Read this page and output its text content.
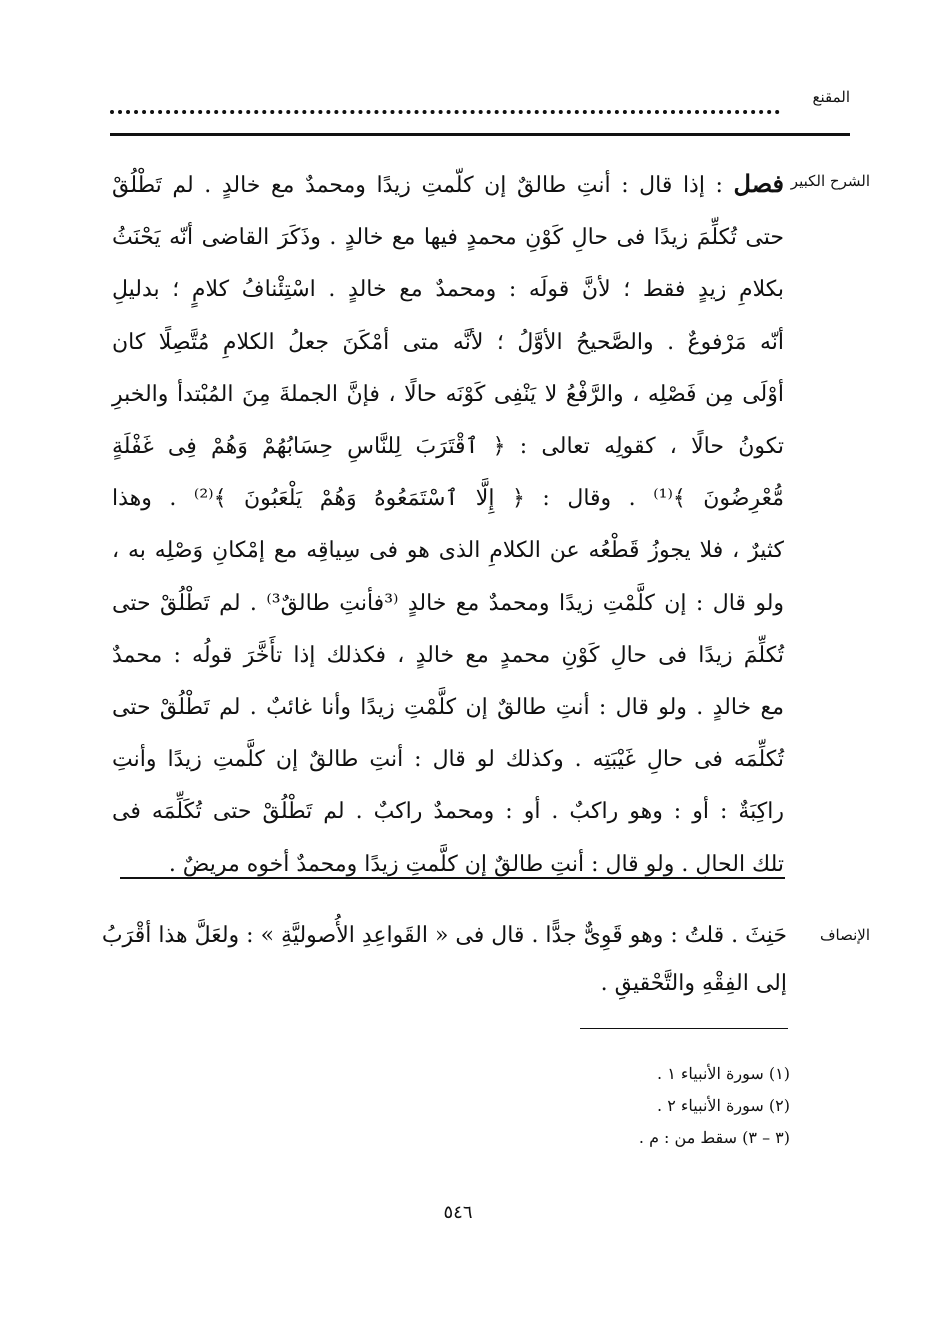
المقنع
الشرح الكبير
فصل : إذا قال : أنتِ طالقٌ إن كلّمتِ زيدًا ومحمدٌ مع خالدٍ . لم تَطْلُقْ
حتى تُكلِّمَ زيدًا فى حالِ كَوْنِ محمدٍ فيها مع خالدٍ . وذَكَرَ القاضى أنّه يَحْنَثُ
بكلامِ زيدٍ فقط ؛ لأنَّ قولَه : ومحمدٌ مع خالدٍ . اسْتِئْنافُ كلامٍ ؛ بدليلِ
أنّه مَرْفوعٌ . والصَّحيحُ الأوَّلُ ؛ لأنَّه متى أمْكَنَ جعلُ الكلامِ مُتَّصِلًا كان
أوْلَى مِن فَصْلِه ، والرَّفْعُ لا يَنْفِى كَوْنَه حالًا ، فإنَّ الجملةَ مِنَ المُبْتدأ والخبرِ
تكونُ حالًا ، كقولِه تعالى : ﴿ ٱقْتَرَبَ لِلنَّاسِ حِسَابُهُمْ وَهُمْ فِى غَفْلَةٍ
مُّعْرِضُونَ ﴾⁽¹⁾ . وقال : ﴿ إِلَّا ٱسْتَمَعُوهُ وَهُمْ يَلْعَبُونَ ﴾⁽²⁾ . وهذا
كثيرٌ ، فلا يجوزُ قَطْعُه عن الكلامِ الذى هو فى سِياقِه مع إمْكانِ وَصْلِه به ،
ولو قال : إن كلَّمْتِ زيدًا ومحمدٌ مع خالدٍ ⁽³فأنتِ طالقٌ³⁾ . لم تَطْلُقْ حتى
تُكلِّمَ زيدًا فى حالِ كَوْنِ محمدٍ مع خالدٍ ، فكذلك إذا تأَخَّرَ قولُه : محمدٌ
مع خالدٍ . ولو قال : أنتِ طالقٌ إن كلَّمْتِ زيدًا وأنا غائبٌ . لم تَطْلُقْ حتى
تُكلِّمَه فى حالِ غَيْبَتِه . وكذلك لو قال : أنتِ طالقٌ إن كلَّمتِ زيدًا وأنتِ
راكِبَةٌ : أو : وهو راكبٌ . أو : ومحمدٌ راكبٌ . لم تَطْلُقْ حتى تُكَلِّمَه فى
تلك الحالِ . ولو قال : أنتِ طالقٌ إن كلَّمتِ زيدًا ومحمدٌ أخوه مريضٌ .
الإنصاف
حَنِثَ . قلتُ : وهو قَوِىٌّ جدًّا . قال فى « القَواعِدِ الأُصوليَّةِ » : ولعَلَّ هذا أقْرَبُ
إلى الفِقْهِ والتَّحْقيقِ .
(١) سورة الأنبياء ١ .
(٢) سورة الأنبياء ٢ .
(٣ – ٣) سقط من : م .
٥٤٦
